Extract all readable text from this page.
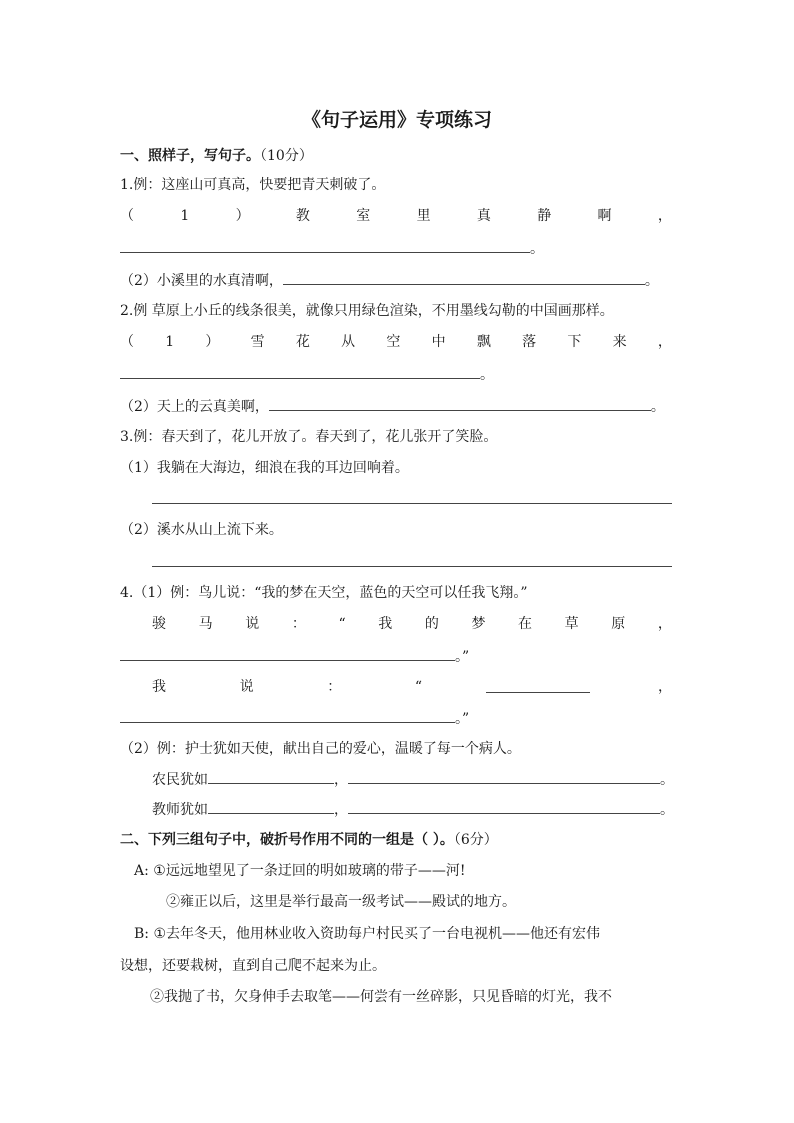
《句子运用》专项练习
一、照样子，写句子。（10分）
1.例：这座山可真高，快要把青天刺破了。
（	1	）	教	室	里	真	静	啊	，
。
（2）小溪里的水真清啊，	。
2.例 草原上小丘的线条很美，就像只用绿色渲染，不用墨线勾勒的中国画那样。
（ 1 ） 雪 花 从 空 中 飘 落 下 来 ，
。
（2）天上的云真美啊，	。
3.例：春天到了，花儿开放了。春天到了，花儿张开了笑脸。
（1）我躺在大海边，细浪在我的耳边回响着。
（2）溪水从山上流下来。
4.（1）例：鸟儿说：“我的梦在天空，蓝色的天空可以任我飞翔。”
骏 马 说 ： “ 我 的 梦 在 草 原 ，
。”
我	说	：	“	，
。”
（2）例：护士犹如天使，献出自己的爱心，温暖了每一个病人。
农民犹如	，	。
教师犹如	，	。
二、下列三组句子中，破折号作用不同的一组是（ ）。（6分）
A: ①远远地望见了一条迂回的明如玻璃的带子——河!
②雍正以后，这里是举行最高一级考试——殿试的地方。
B: ①去年冬天，他用林业收入资助每户村民买了一台电视机——他还有宏伟
设想，还要栽树，直到自己爬不起来为止。
②我抛了书，欠身伸手去取笔——何尝有一丝碎影，只见昏暗的灯光，我不
